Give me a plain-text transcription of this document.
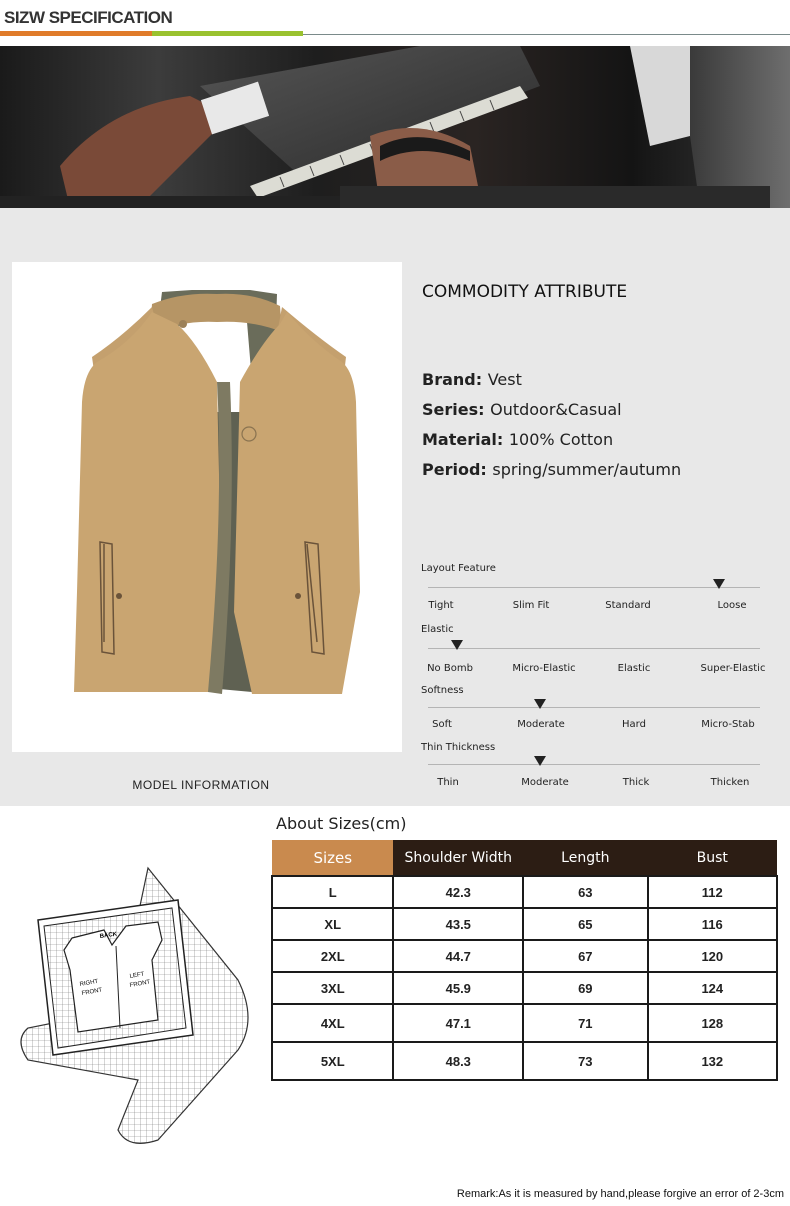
SIZW SPECIFICATION
MODEL INFORMATION
COMMODITY ATTRIBUTE
Brand: Vest
Series: Outdoor&Casual
Material: 100% Cotton
Period: spring/summer/autumn
Layout Feature
Tight	Slim Fit	Standard	Loose
Elastic
No Bomb	Micro-Elastic	Elastic	Super-Elastic
Softness
Soft	Moderate	Hard	Micro-Stab
Thin Thickness
Thin	Moderate	Thick	Thicken
BACK
RIGHT
FRONT
LEFT
FRONT
About Sizes(cm)
Sizes	Shoulder Width	Length	Bust
L	42.3	63	112
XL	43.5	65	116
2XL	44.7	67	120
3XL	45.9	69	124
4XL	47.1	71	128
5XL	48.3	73	132
Remark:As it is measured by hand,please forgive an error of 2-3cm
